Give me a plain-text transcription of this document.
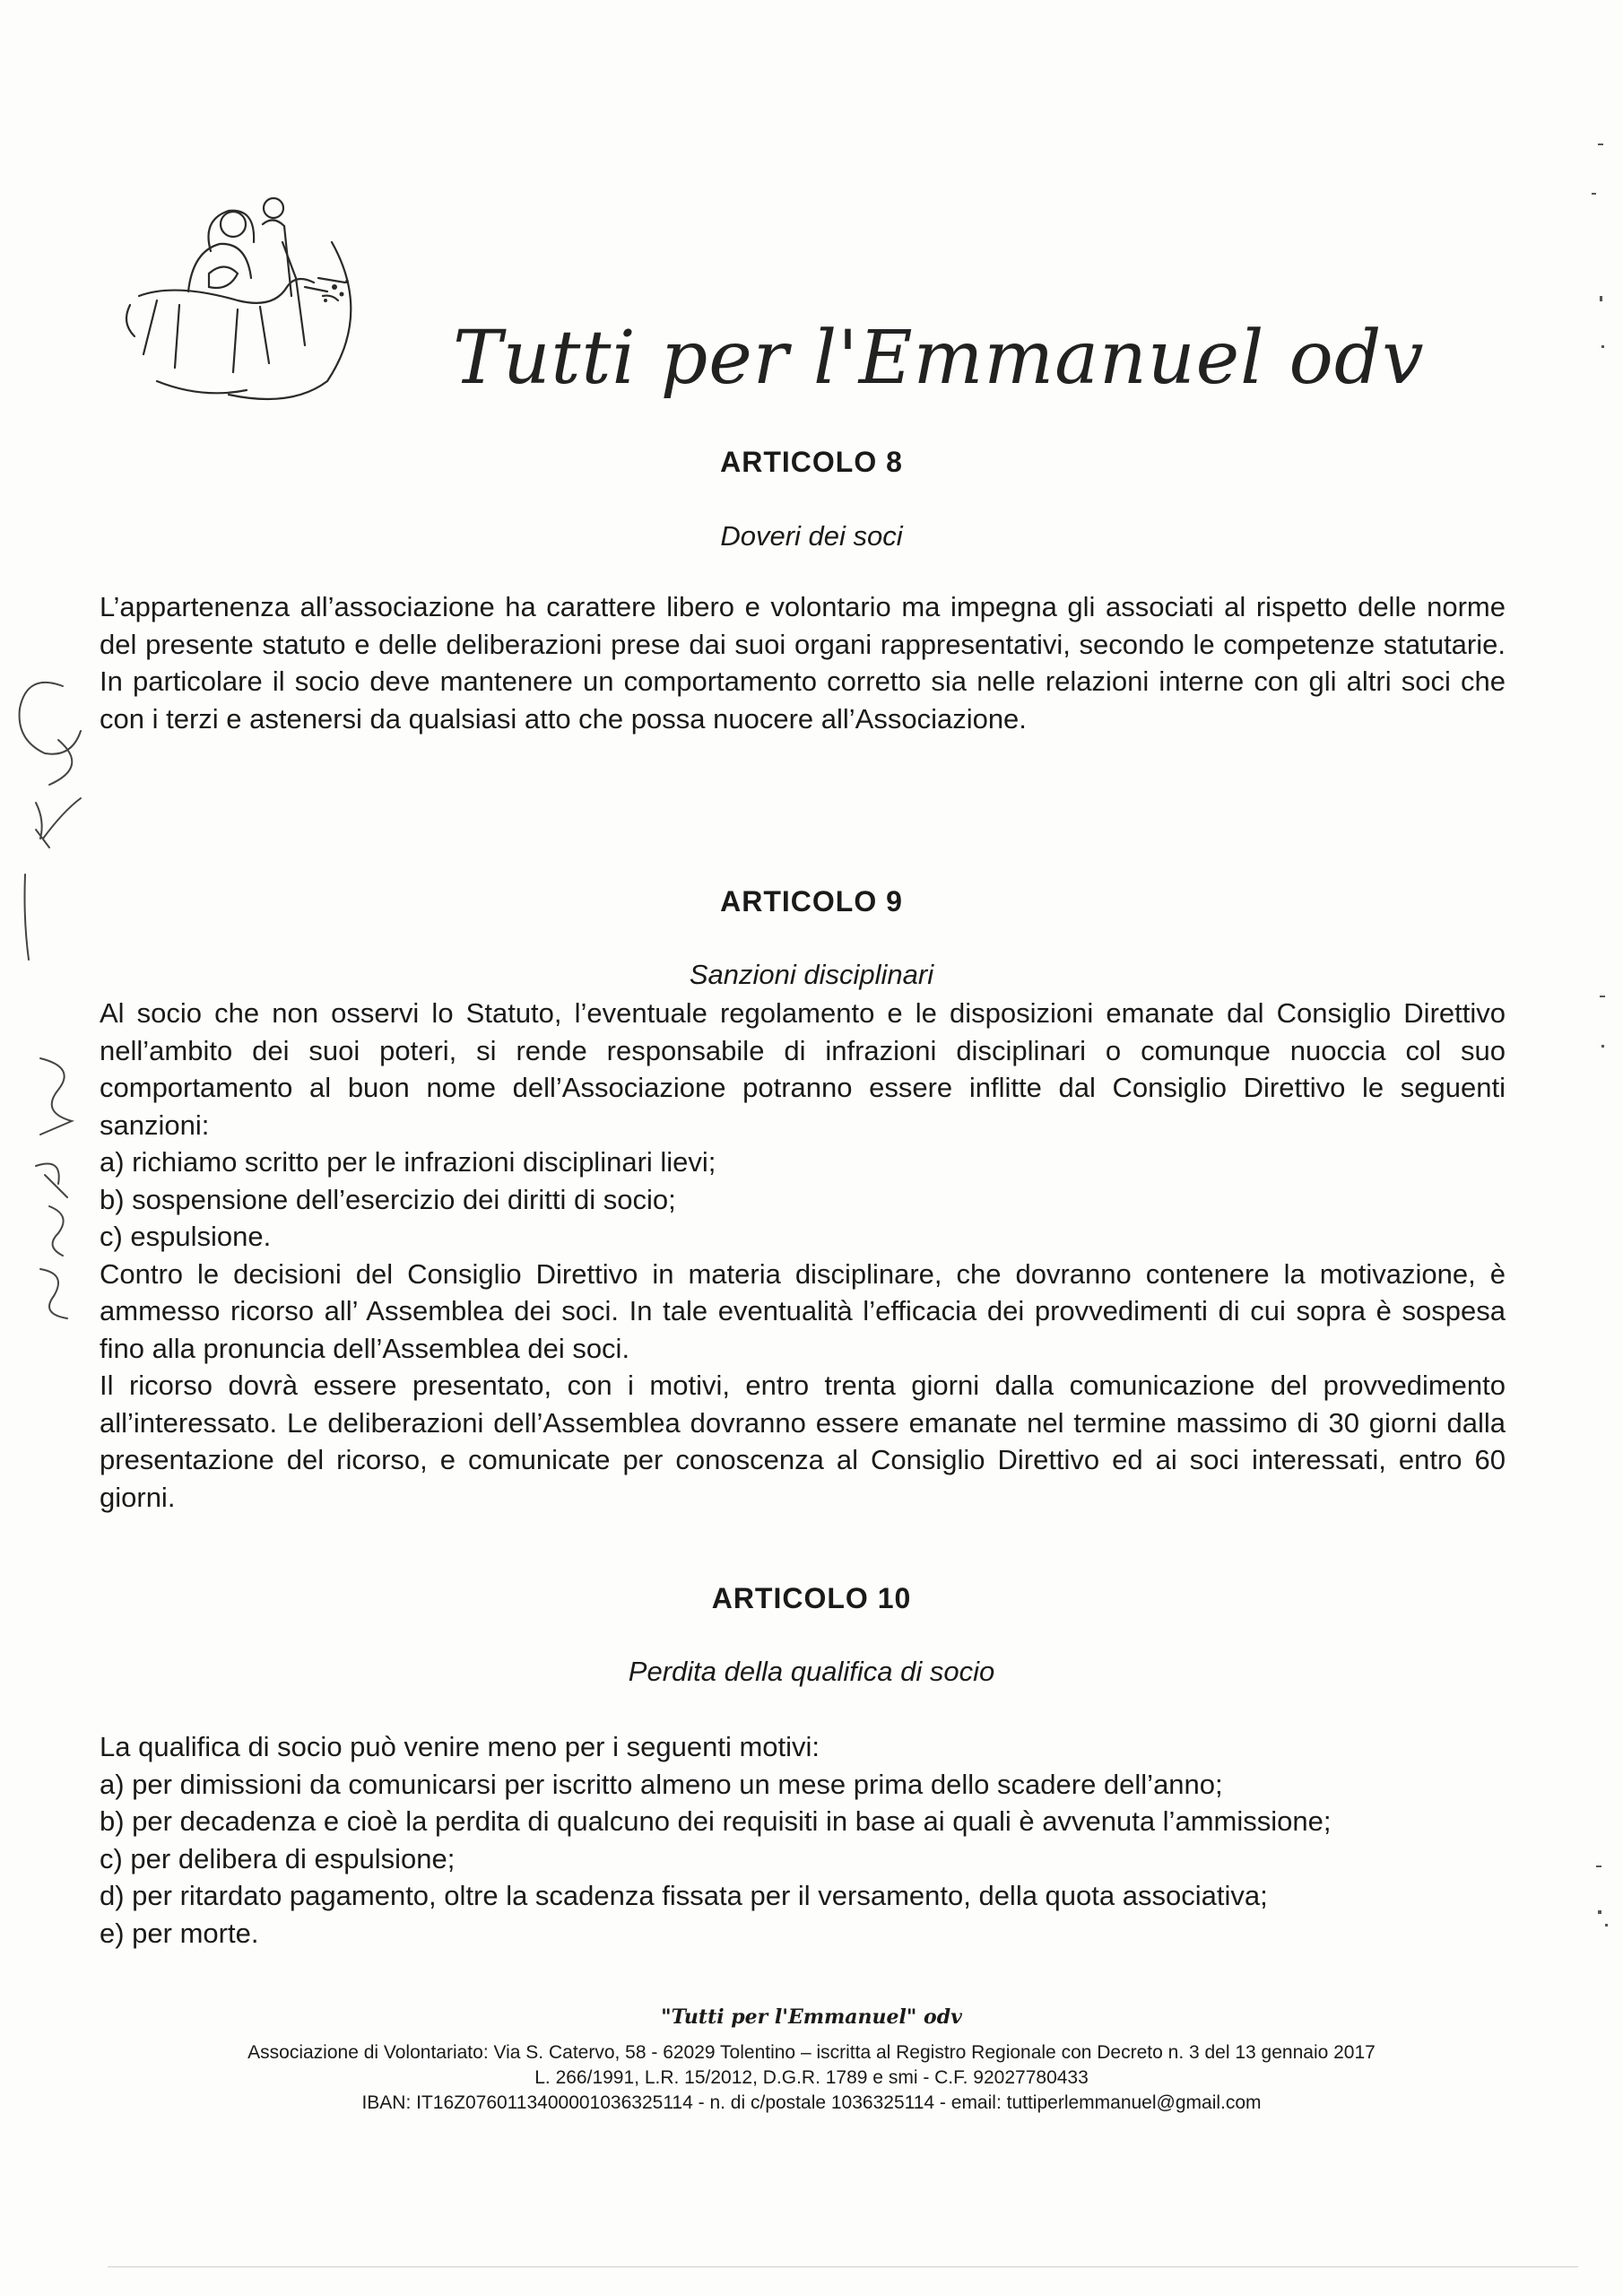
Tutti per l'Emmanuel odv
ARTICOLO 8
Doveri dei soci

L’appartenenza all’associazione ha carattere libero e volontario ma impegna gli associati al rispetto delle norme del presente statuto e delle deliberazioni prese dai suoi organi rappresentativi, secondo le competenze statutarie. In particolare il socio deve mantenere un comportamento corretto sia nelle relazioni interne con gli altri soci che con i terzi e astenersi da qualsiasi atto che possa nuocere all’Associazione.

ARTICOLO 9
Sanzioni disciplinari

Al socio che non osservi lo Statuto, l’eventuale regolamento e le disposizioni emanate dal Consiglio Direttivo nell’ambito dei suoi poteri, si rende responsabile di infrazioni disciplinari o comunque nuoccia col suo comportamento al buon nome dell’Associazione potranno essere inflitte dal Consiglio Direttivo le seguenti sanzioni:

a) richiamo scritto per le infrazioni disciplinari lievi;
b) sospensione dell’esercizio dei diritti di socio;
c) espulsione.

Contro le decisioni del Consiglio Direttivo in materia disciplinare, che dovranno contenere la motivazione, è ammesso ricorso all’ Assemblea dei soci. In tale eventualità l’efficacia dei provvedimenti di cui sopra è sospesa fino alla pronuncia dell’Assemblea dei soci.

Il ricorso dovrà essere presentato, con i motivi, entro trenta giorni dalla comunicazione del provvedimento all’interessato. Le deliberazioni dell’Assemblea dovranno essere emanate nel termine massimo di 30 giorni dalla presentazione del ricorso, e comunicate per conoscenza al Consiglio Direttivo ed ai soci interessati, entro 60 giorni.

ARTICOLO 10
Perdita della qualifica di socio

La qualifica di socio può venire meno per i seguenti motivi:

a) per dimissioni da comunicarsi per iscritto almeno un mese prima dello scadere dell’anno;
b) per decadenza e cioè la perdita di qualcuno dei requisiti in base ai quali è avvenuta l’ammissione;
c) per delibera di espulsione;
d) per ritardato pagamento, oltre la scadenza fissata per il versamento, della quota associativa;
e) per morte.
"Tutti per l'Emmanuel" odv
Associazione di Volontariato: Via S. Catervo, 58 - 62029 Tolentino – iscritta al Registro Regionale con Decreto n. 3 del 13 gennaio 2017
L. 266/1991, L.R. 15/2012, D.G.R. 1789 e smi - C.F. 92027780433
IBAN: IT16Z0760113400001036325114 - n. di c/postale 1036325114 - email: tuttiperlemmanuel@gmail.com
